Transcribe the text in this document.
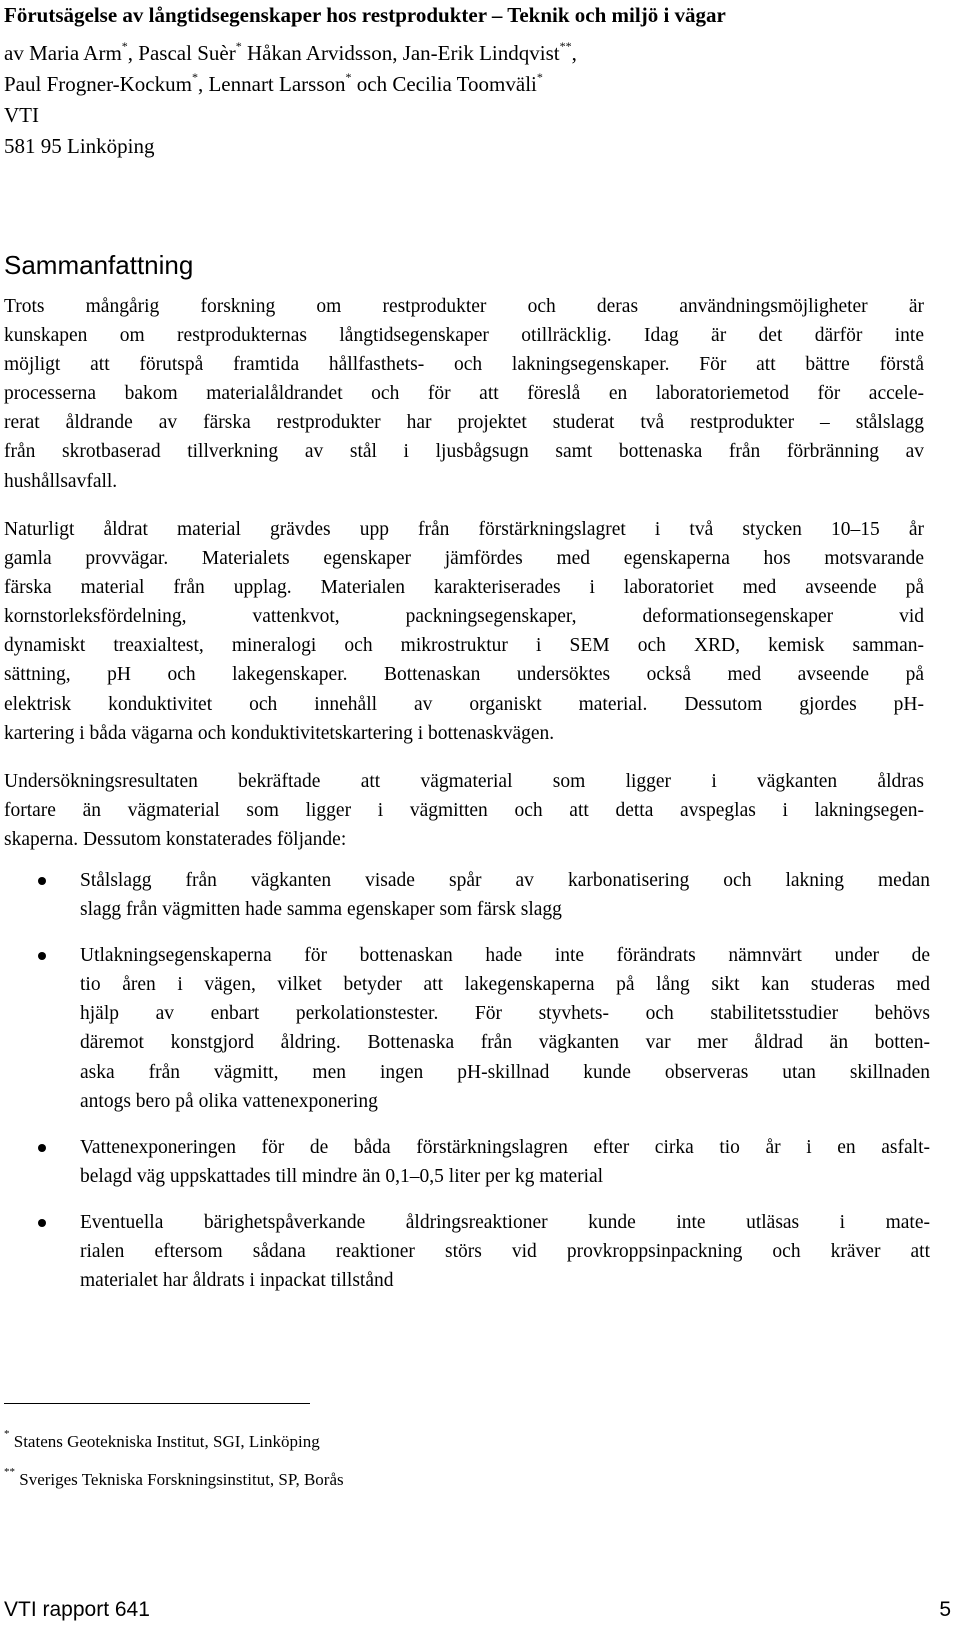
Förutsägelse av långtidsegenskaper hos restprodukter – Teknik och miljö i vägar
av Maria Arm*, Pascal Suèr* Håkan Arvidsson, Jan-Erik Lindqvist**,
Paul Frogner-Kockum*, Lennart Larsson* och Cecilia Toomväli*
VTI
581 95 Linköping
Sammanfattning
Trots mångårig forskning om restprodukter och deras användningsmöjligheter är
kunskapen om restprodukternas långtidsegenskaper otillräcklig. Idag är det därför inte
möjligt att förutspå framtida hållfasthets- och lakningsegenskaper. För att bättre förstå
processerna bakom materialåldrandet och för att föreslå en laboratoriemetod för accele-
rerat åldrande av färska restprodukter har projektet studerat två restprodukter – stålslagg
från skrotbaserad tillverkning av stål i ljusbågsugn samt bottenaska från förbränning av
hushållsavfall.
Naturligt åldrat material grävdes upp från förstärkningslagret i två stycken 10–15 år
gamla provvägar. Materialets egenskaper jämfördes med egenskaperna hos motsvarande
färska material från upplag. Materialen karakteriserades i laboratoriet med avseende på
kornstorleksfördelning, vattenkvot, packningsegenskaper, deformationsegenskaper vid
dynamiskt treaxialtest, mineralogi och mikrostruktur i SEM och XRD, kemisk samman-
sättning, pH och lakegenskaper. Bottenaskan undersöktes också med avseende på
elektrisk konduktivitet och innehåll av organiskt material. Dessutom gjordes pH-
kartering i båda vägarna och konduktivitetskartering i bottenaskvägen.
Undersökningsresultaten bekräftade att vägmaterial som ligger i vägkanten åldras
fortare än vägmaterial som ligger i vägmitten och att detta avspeglas i lakningsegen-
skaperna. Dessutom konstaterades följande:
Stålslagg från vägkanten visade spår av karbonatisering och lakning medan
slagg från vägmitten hade samma egenskaper som färsk slagg
Utlakningsegenskaperna för bottenaskan hade inte förändrats nämnvärt under de
tio åren i vägen, vilket betyder att lakegenskaperna på lång sikt kan studeras med
hjälp av enbart perkolationstester. För styvhets- och stabilitetsstudier behövs
däremot konstgjord åldring. Bottenaska från vägkanten var mer åldrad än botten-
aska från vägmitt, men ingen pH-skillnad kunde observeras utan skillnaden
antogs bero på olika vattenexponering
Vattenexponeringen för de båda förstärkningslagren efter cirka tio år i en asfalt-
belagd väg uppskattades till mindre än 0,1–0,5 liter per kg material
Eventuella bärighetspåverkande åldringsreaktioner kunde inte utläsas i mate-
rialen eftersom sådana reaktioner störs vid provkroppsinpackning och kräver att
materialet har åldrats i inpackat tillstånd
* Statens Geotekniska Institut, SGI, Linköping
** Sveriges Tekniska Forskningsinstitut, SP, Borås
VTI rapport 641	5
